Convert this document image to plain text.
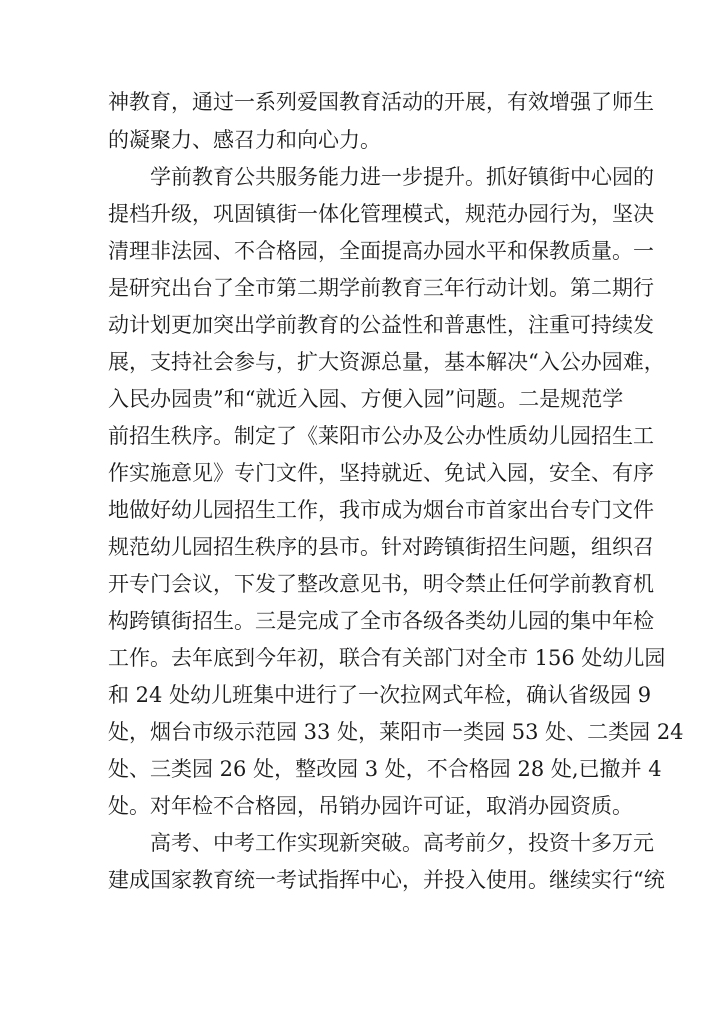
神教育，通过一系列爱国教育活动的开展，有效增强了师生
的凝聚力、感召力和向心力。
学前教育公共服务能力进一步提升。抓好镇街中心园的
提档升级，巩固镇街一体化管理模式，规范办园行为，坚决
清理非法园、不合格园，全面提高办园水平和保教质量。一
是研究出台了全市第二期学前教育三年行动计划。第二期行
动计划更加突出学前教育的公益性和普惠性，注重可持续发
展，支持社会参与，扩大资源总量，基本解决“入公办园难，
入民办园贵”和“就近入园、方便入园”问题。二是规范学
前招生秩序。制定了《莱阳市公办及公办性质幼儿园招生工
作实施意见》专门文件，坚持就近、免试入园，安全、有序
地做好幼儿园招生工作，我市成为烟台市首家出台专门文件
规范幼儿园招生秩序的县市。针对跨镇街招生问题，组织召
开专门会议，下发了整改意见书，明令禁止任何学前教育机
构跨镇街招生。三是完成了全市各级各类幼儿园的集中年检
工作。去年底到今年初，联合有关部门对全市 156 处幼儿园
和 24 处幼儿班集中进行了一次拉网式年检，确认省级园 9
处，烟台市级示范园 33 处，莱阳市一类园 53 处、二类园 24
处、三类园 26 处，整改园 3 处，不合格园 28 处,已撤并 4
处。对年检不合格园，吊销办园许可证，取消办园资质。
高考、中考工作实现新突破。高考前夕，投资十多万元
建成国家教育统一考试指挥中心，并投入使用。继续实行“统
